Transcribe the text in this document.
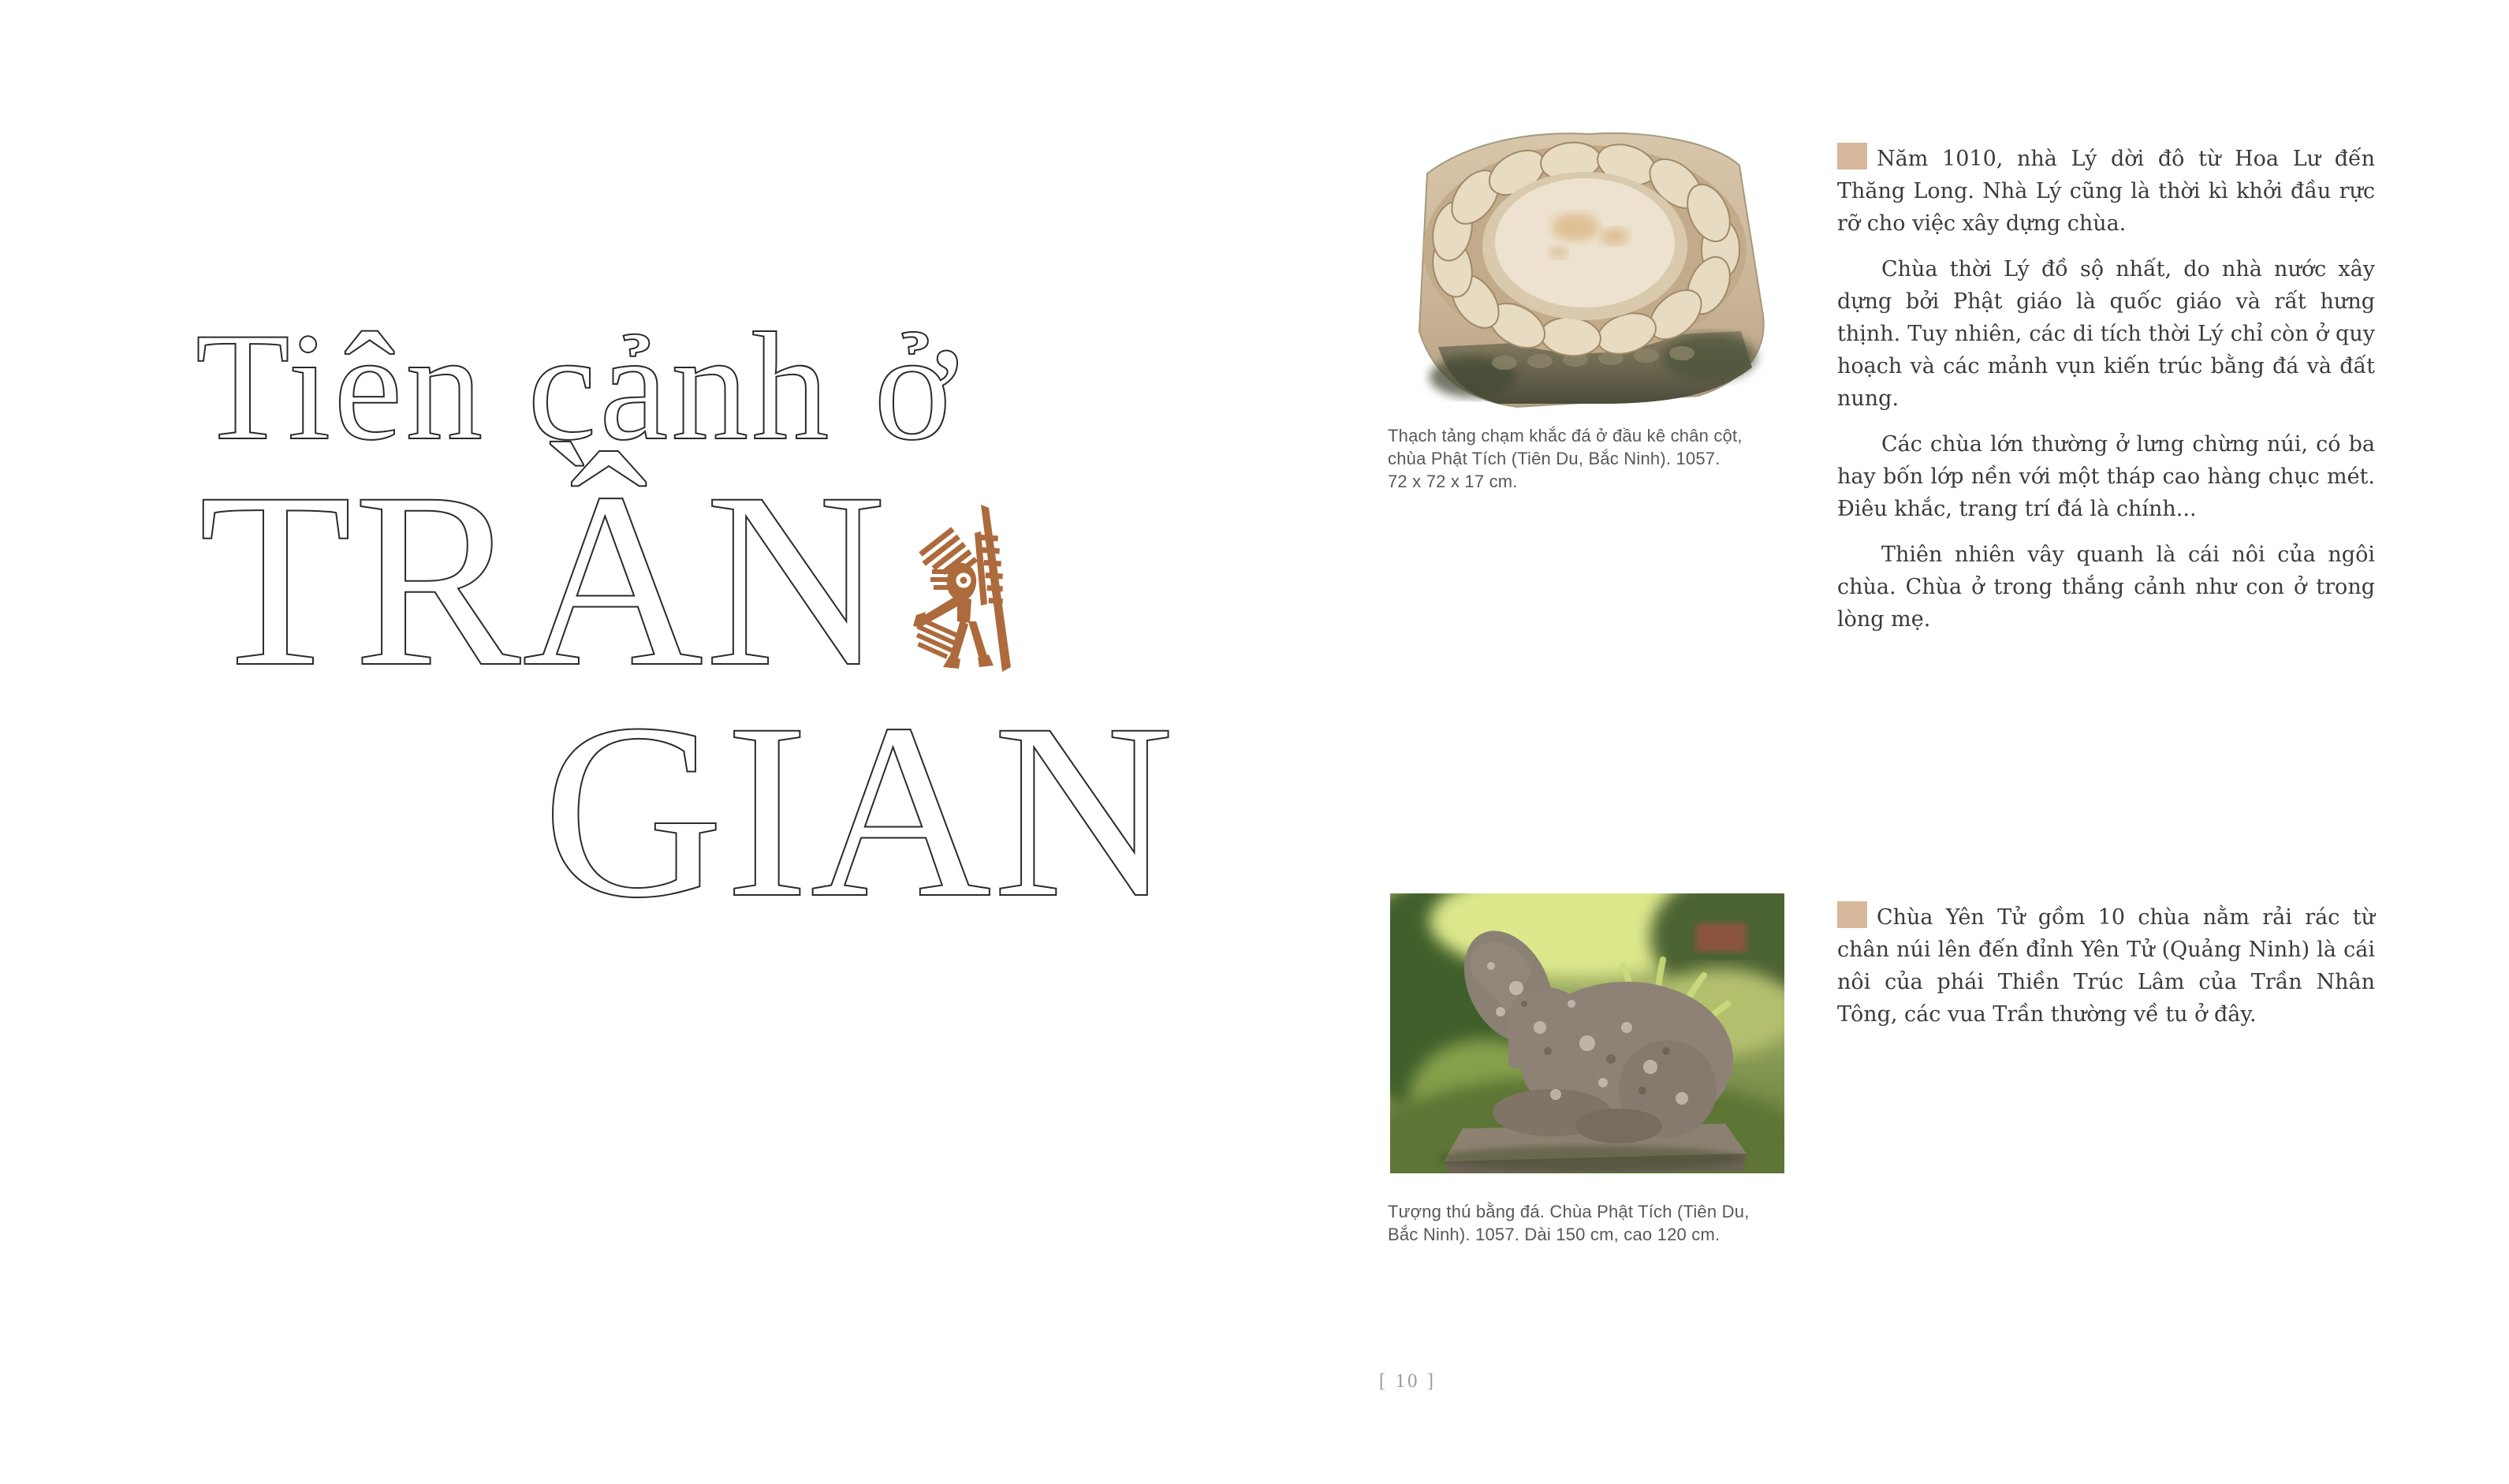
Tiên cảnh ở
TRẦN
GIAN
Thạch tảng chạm khắc đá ở đầu kê chân cột,
chùa Phật Tích (Tiên Du, Bắc Ninh). 1057.
72 x 72 x 17 cm.
Tượng thú bằng đá. Chùa Phật Tích (Tiên Du,
Bắc Ninh). 1057. Dài 150 cm, cao 120 cm.

Năm 1010, nhà Lý dời đô từ Hoa Lư đến Thăng Long. Nhà Lý cũng là thời kì khởi đầu rực rỡ cho việc xây dựng chùa.

Chùa thời Lý đồ sộ nhất, do nhà nước xây dựng bởi Phật giáo là quốc giáo và rất hưng thịnh. Tuy nhiên, các di tích thời Lý chỉ còn ở quy hoạch và các mảnh vụn kiến trúc bằng đá và đất nung.

Các chùa lớn thường ở lưng chừng núi, có ba hay bốn lớp nền với một tháp cao hàng chục mét. Điêu khắc, trang trí đá là chính...

Thiên nhiên vây quanh là cái nôi của ngôi chùa. Chùa ở trong thắng cảnh như con ở trong lòng mẹ.

Chùa Yên Tử gồm 10 chùa nằm rải rác từ chân núi lên đến đỉnh Yên Tử (Quảng Ninh) là cái nôi của phái Thiền Trúc Lâm của Trần Nhân Tông, các vua Trần thường về tu ở đây.

[ 10 ]
